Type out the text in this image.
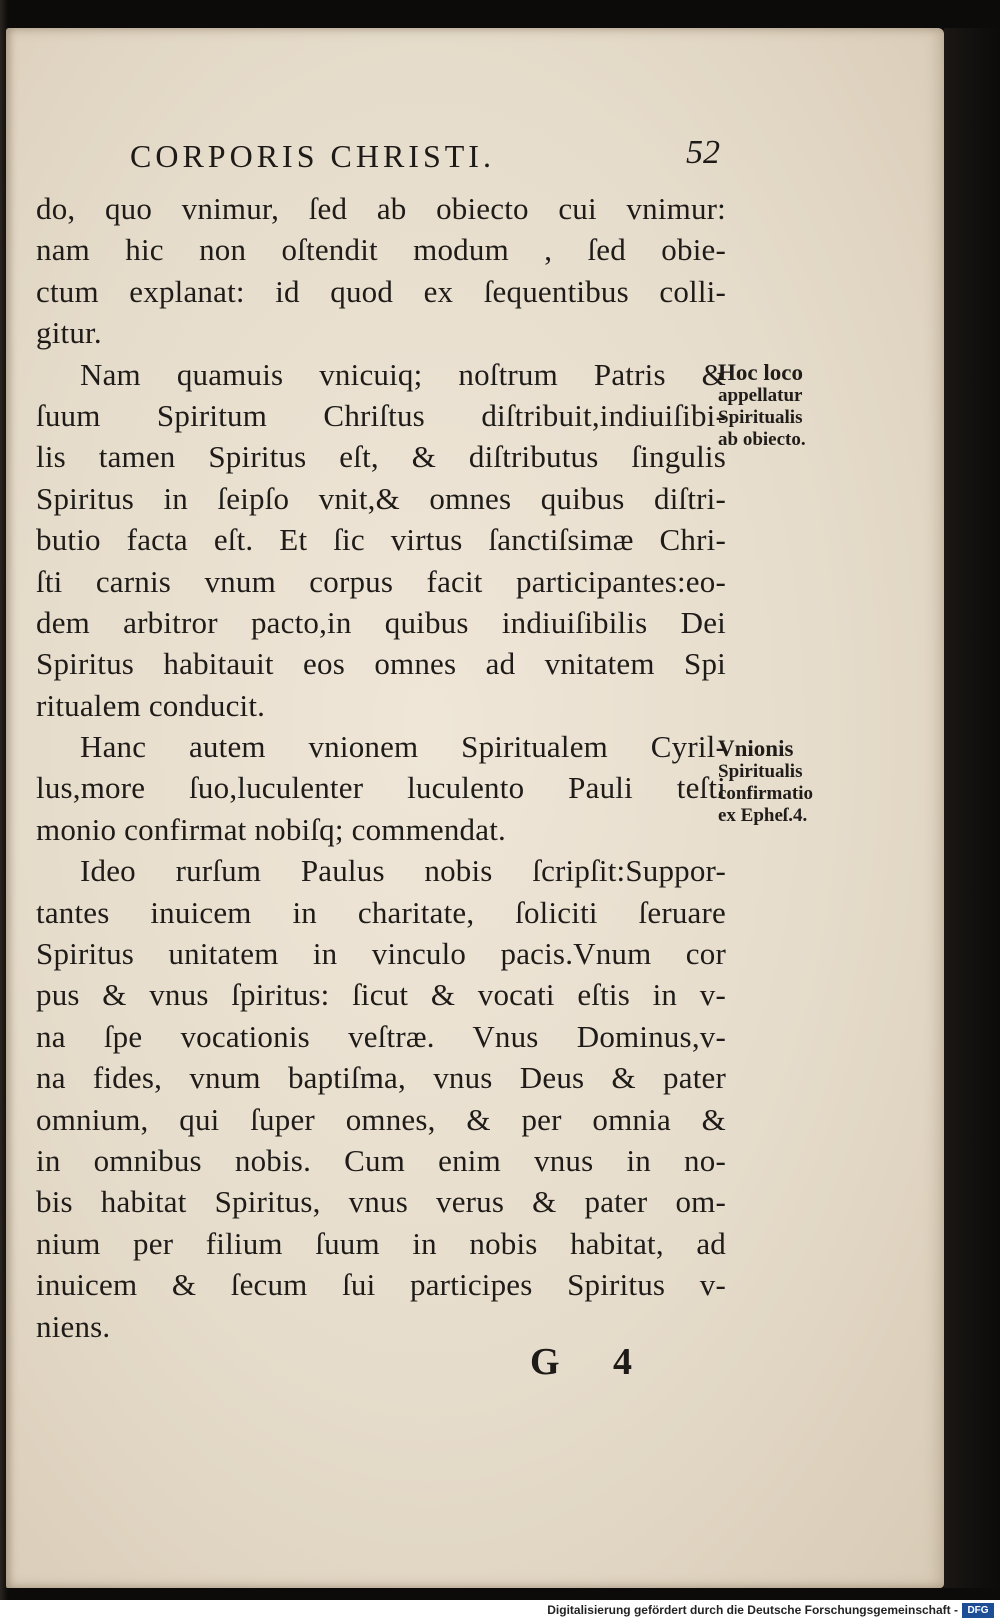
CORPORIS CHRISTI.	52
do, quo vnimur, ſed ab obiecto cui vnimur:
nam hic non oſtendit modum , ſed obie-
ctum explanat: id quod ex ſequentibus colli-
gitur.
Nam quamuis vnicuiq; noſtrum Patris &
ſuum Spiritum Chriſtus diſtribuit,indiuiſibi-
lis tamen Spiritus eſt, & diſtributus ſingulis
Spiritus in ſeipſo vnit,& omnes quibus diſtri-
butio facta eſt. Et ſic virtus ſanctiſsimæ Chri-
ſti carnis vnum corpus facit participantes:eo-
dem arbitror pacto,in quibus indiuiſibilis Dei
Spiritus habitauit eos omnes ad vnitatem Spi
ritualem conducit.
Hanc autem vnionem Spiritualem Cyril-
lus,more ſuo,luculenter luculento Pauli teſti
monio confirmat nobiſq; commendat.
Ideo rurſum Paulus nobis ſcripſit:Suppor-
tantes inuicem in charitate, ſoliciti ſeruare
Spiritus unitatem in vinculo pacis.Vnum cor
pus & vnus ſpiritus: ſicut & vocati eſtis in v-
na ſpe vocationis veſtræ. Vnus Dominus,v-
na fides, vnum baptiſma, vnus Deus & pater
omnium, qui ſuper omnes, & per omnia &
in omnibus nobis. Cum enim vnus in no-
bis habitat Spiritus, vnus verus & pater om-
nium per filium ſuum in nobis habitat, ad
inuicem & ſecum ſui participes Spiritus v-
niens.
Hoc loco
appellatur
Spiritualis
ab obiecto.
Vnionis
Spiritualis
confirmatio
ex Epheſ.4.
G 4
Digitalisierung gefördert durch die Deutsche Forschungsgemeinschaft - DFG
